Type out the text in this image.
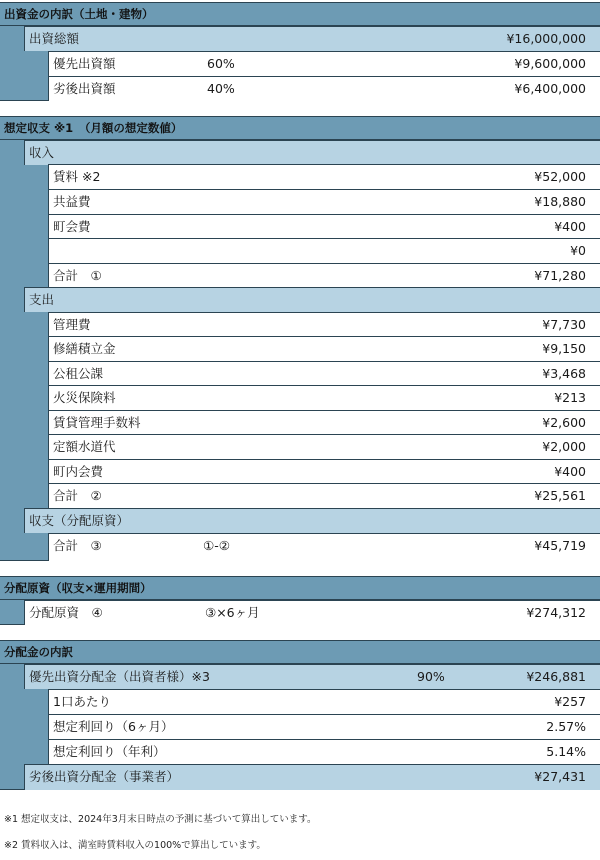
出資金の内訳（土地・建物）
出資総額	¥16,000,000
優先出資額	60%	¥9,600,000
劣後出資額	40%	¥6,400,000
想定収支 ※1　（月額の想定数値）
収入
賃料 ※2	¥52,000
共益費	¥18,880
町会費	¥400
¥0
合計　①	¥71,280
支出
管理費	¥7,730
修繕積立金	¥9,150
公租公課	¥3,468
火災保険料	¥213
賃貸管理手数料	¥2,600
定額水道代	¥2,000
町内会費	¥400
合計　②	¥25,561
収支（分配原資）
合計　③	①-②	¥45,719
分配原資（収支×運用期間）
分配原資　④	③×6ヶ月	¥274,312
分配金の内訳
優先出資分配金（出資者様）※3	90%	¥246,881
1口あたり	¥257
想定利回り（6ヶ月）	2.57%
想定利回り（年利）	5.14%
劣後出資分配金（事業者）	¥27,431
※1 想定収支は、2024年3月末日時点の予測に基づいて算出しています。
※2 賃料収入は、満室時賃料収入の100%で算出しています。
